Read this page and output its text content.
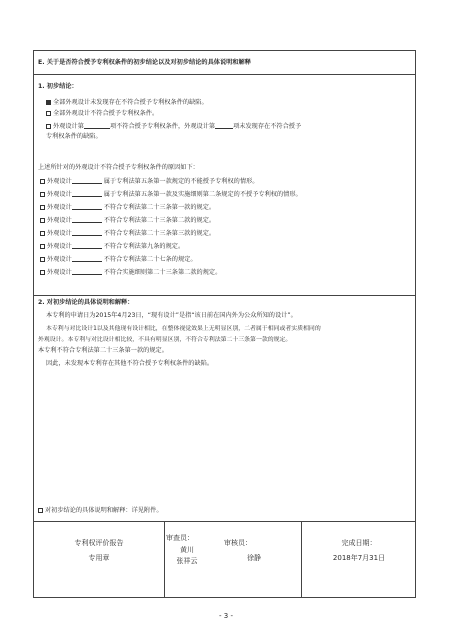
E. 关于是否符合授予专利权条件的初步结论以及对初步结论的具体说明和解释
1. 初步结论：
全部外观设计未发现存在不符合授予专利权条件的缺陷。
全部外观设计不符合授予专利权条件。
外观设计第	项不符合授予专利权条件，外观设计第	项未发现存在不符合授予
专利权条件的缺陷。
上述所针对的外观设计不符合授予专利权条件的原因如下：
外观设计	属于专利法第五条第一款规定的不能授予专利权的情形。
外观设计	属于专利法第五条第一款及实施细则第二条规定的不授予专利权的情形。
外观设计	不符合专利法第二十三条第一款的规定。
外观设计	不符合专利法第二十三条第二款的规定。
外观设计	不符合专利法第二十三条第三款的规定。
外观设计	不符合专利法第九条的规定。
外观设计	不符合专利法第二十七条的规定。
外观设计	不符合实施细则第二十三条第二款的规定。
2. 对初步结论的具体说明和解释：
本专利的申请日为2015年4月23日，“现有设计”是指“该日前在国内外为公众所知的设计”。
本专利与对比设计1以及其他现有设计相比，在整体视觉效果上无明显区别，二者属于相同或者实质相同的
外观设计。本专利与对比设计相比较，不具有明显区别，不符合专利法第二十三条第一款的规定。
本专利不符合专利法第二十三条第一款的规定。
因此，未发现本专利存在其他不符合授予专利权条件的缺陷。
对初步结论的具体说明和解释：详见附件。
专利权评价报告
专用章
审查员：
黄川
张祥云
审核员：
徐静
完成日期：
2018年7月31日
- 3 -
